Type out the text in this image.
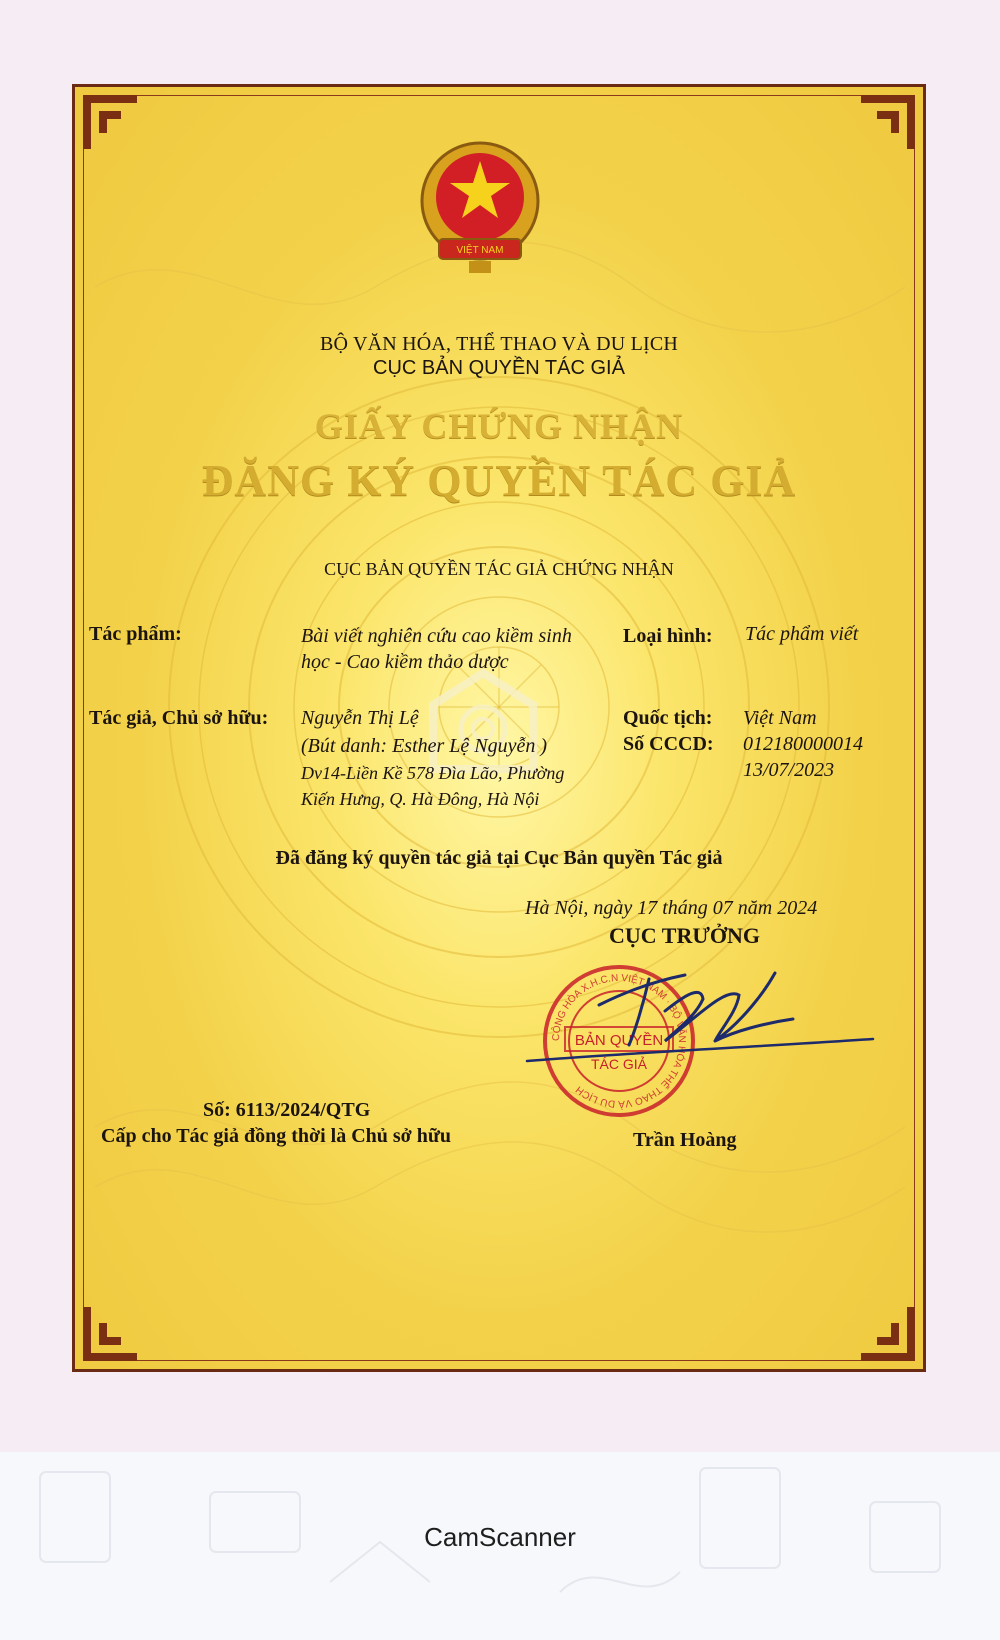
VIỆT NAM
BỘ VĂN HÓA, THỂ THAO VÀ DU LỊCH
CỤC BẢN QUYỀN TÁC GIẢ
GIẤY CHỨNG NHẬN
ĐĂNG KÝ QUYỀN TÁC GIẢ
CỤC BẢN QUYỀN TÁC GIẢ CHỨNG NHẬN
Tác phẩm:	Bài viết nghiên cứu cao kiềm sinh
học - Cao kiềm thảo dược
Loại hình: Tác phẩm viết
Tác giả, Chủ sở hữu: Nguyễn Thị Lệ
(Bút danh: Esther Lệ Nguyễn )
Dv14-Liền Kề 578 Đìa Lão, Phường
Kiến Hưng, Q. Hà Đông, Hà Nội
Quốc tịch: Việt Nam
Số CCCD: 012180000014
13/07/2023
Đã đăng ký quyền tác giả tại Cục Bản quyền Tác giả
Hà Nội, ngày 17 tháng 07 năm 2024
CỤC TRƯỞNG
CỘNG HÒA X.H.C.N VIỆT NAM · BỘ VĂN HÓA THỂ THAO VÀ DU LỊCH
BẢN QUYỀN
TÁC GIẢ
Số: 6113/2024/QTG
Cấp cho Tác giả đồng thời là Chủ sở hữu	Trần Hoàng
CamScanner
